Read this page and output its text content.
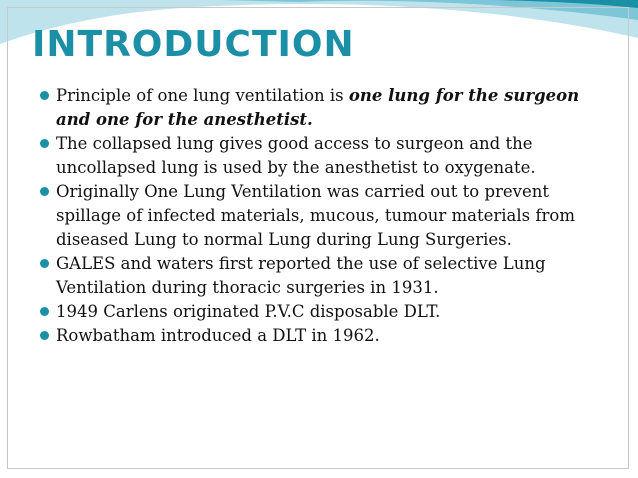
INTRODUCTION
Principle of one lung ventilation is one lung for the surgeon and one for the anesthetist.
The collapsed lung gives good access to surgeon and the uncollapsed lung is used by the anesthetist to oxygenate.
Originally One Lung Ventilation was carried out to prevent spillage of infected materials, mucous, tumour materials from diseased Lung to normal Lung during Lung Surgeries.
GALES and waters first reported the use of selective Lung Ventilation during thoracic surgeries in 1931.
1949 Carlens originated P.V.C disposable DLT.
Rowbatham introduced a DLT in 1962.
